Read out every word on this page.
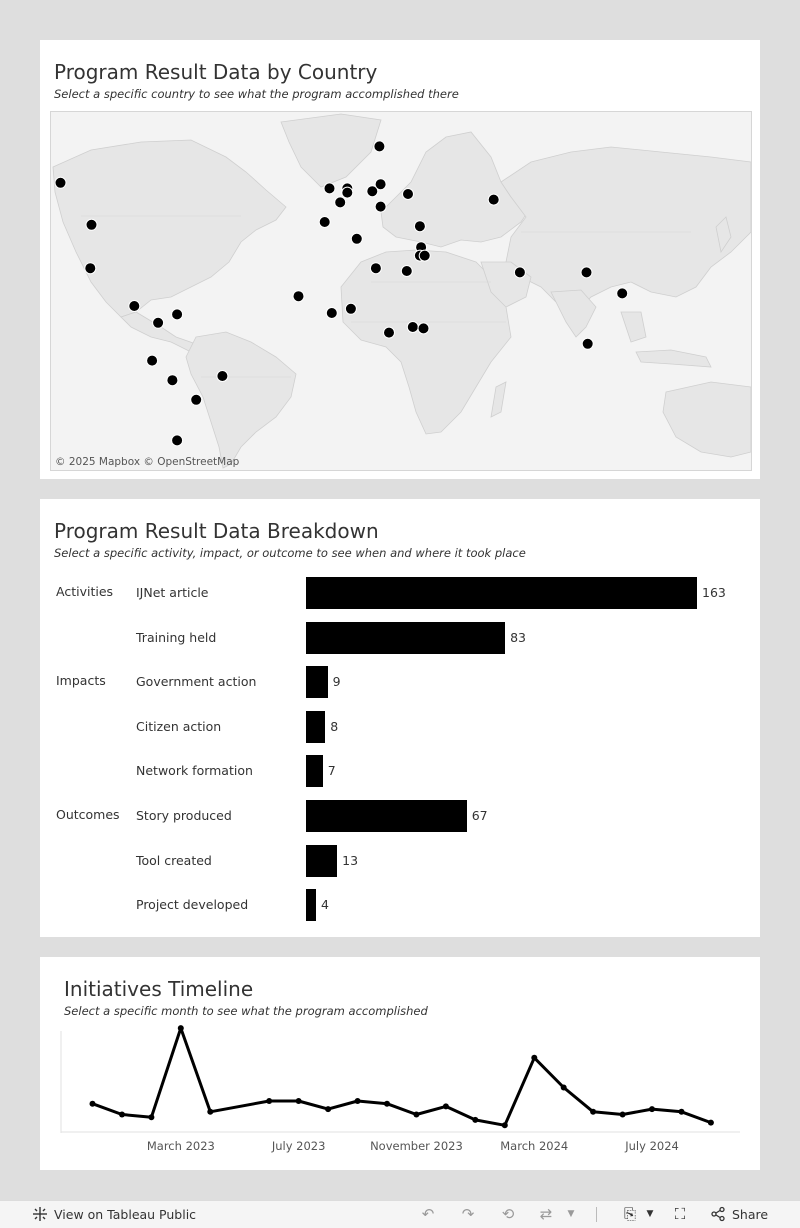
Program Result Data by Country
Select a specific country to see what the program accomplished there
© 2025 Mapbox © OpenStreetMap
Program Result Data Breakdown
Select a specific activity, impact, or outcome to see when and where it took place
Activities IJNet article	163
Training held	83
Impacts Government action	9
Citizen action	8
Network formation	7
Outcomes Story produced	67
Tool created	13
Project developed	4
Initiatives Timeline
Select a specific month to see what the program accomplished
March 2023	July 2023	November 2023	March 2024	July 2024
View on Tableau Public	↶ ↷ ⟲ ⇄	▼	⎘	▼	⛶	Share
